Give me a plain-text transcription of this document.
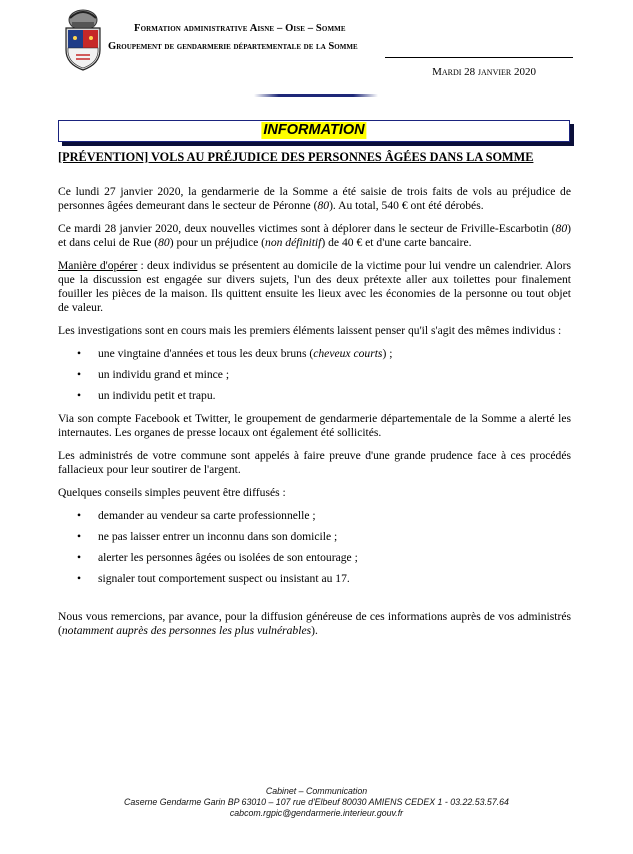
Formation administrative Aisne – Oise – Somme
Groupement de gendarmerie départementale de la Somme
Mardi 28 janvier 2020
INFORMATION
[PRÉVENTION] VOLS AU PRÉJUDICE DES PERSONNES ÂGÉES DANS LA SOMME

Ce lundi 27 janvier 2020, la gendarmerie de la Somme a été saisie de trois faits de vols au préjudice de personnes âgées demeurant dans le secteur de Péronne (80). Au total, 540 € ont été dérobés.

Ce mardi 28 janvier 2020, deux nouvelles victimes sont à déplorer dans le secteur de Friville-Escarbotin (80) et dans celui de Rue (80) pour un préjudice (non définitif) de 40 € et d'une carte bancaire.

Manière d'opérer : deux individus se présentent au domicile de la victime pour lui vendre un calendrier. Alors que la discussion est engagée sur divers sujets, l'un des deux prétexte aller aux toilettes pour finalement fouiller les pièces de la maison. Ils quittent ensuite les lieux avec les économies de la personne ou tout objet de valeur.

Les investigations sont en cours mais les premiers éléments laissent penser qu'il s'agit des mêmes individus :

• une vingtaine d'années et tous les deux bruns (cheveux courts) ;
• un individu grand et mince ;
• un individu petit et trapu.

Via son compte Facebook et Twitter, le groupement de gendarmerie départementale de la Somme a alerté les internautes. Les organes de presse locaux ont également été sollicités.

Les administrés de votre commune sont appelés à faire preuve d'une grande prudence face à ces procédés fallacieux pour leur soutirer de l'argent.

Quelques conseils simples peuvent être diffusés :

• demander au vendeur sa carte professionnelle ;
• ne pas laisser entrer un inconnu dans son domicile ;
• alerter les personnes âgées ou isolées de son entourage ;
• signaler tout comportement suspect ou insistant au 17.

Nous vous remercions, par avance, pour la diffusion généreuse de ces informations auprès de vos administrés (notamment auprès des personnes les plus vulnérables).

Cabinet – Communication
Caserne Gendarme Garin BP 63010 – 107 rue d'Elbeuf 80030 AMIENS CEDEX 1 - 03.22.53.57.64
cabcom.rgpic@gendarmerie.interieur.gouv.fr
